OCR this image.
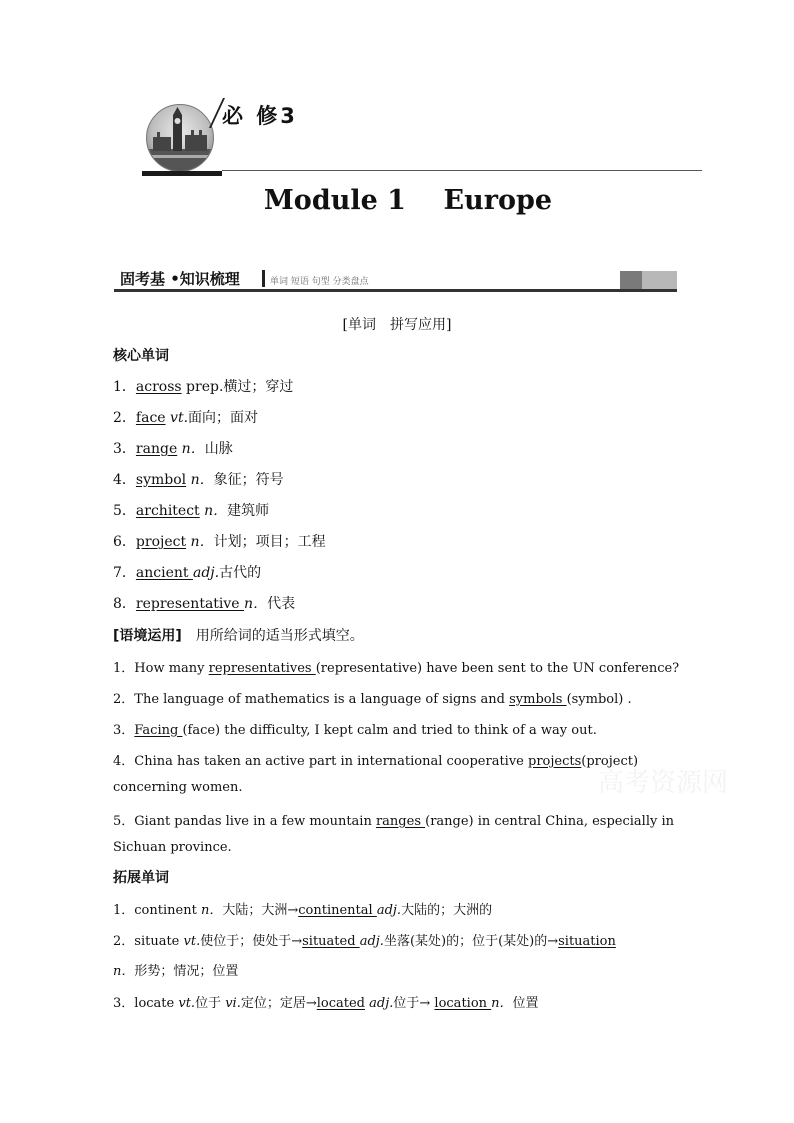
必 修3
Module 1    Europe
固考基 •知识梳理	单词 短语 句型 分类盘点
[单词　拼写应用]
核心单词
1．across prep.横过；穿过
2．face vt.面向；面对
3．range n．山脉
4．symbol n．象征；符号
5．architect n．建筑师
6．project n．计划；项目；工程
7．ancient adj.古代的
8．representative n．代表
[语境运用]　用所给词的适当形式填空。
1．How many representatives (representative) have been sent to the UN conference?
2．The language of mathematics is a language of signs and symbols (symbol) .
3．Facing (face) the difficulty, I kept calm and tried to think of a way out.
4．China has taken an active part in international cooperative projects(project)
concerning women.
5．Giant pandas live in a few mountain ranges (range) in central China, especially in
Sichuan province.
拓展单词
1．continent n．大陆；大洲→continental adj.大陆的；大洲的
2．situate vt.使位于；使处于→situated adj.坐落(某处)的；位于(某处)的→situation
n．形势；情况；位置
3．locate vt.位于 vi.定位；定居→located adj.位于→ location n．位置
高考资源网
